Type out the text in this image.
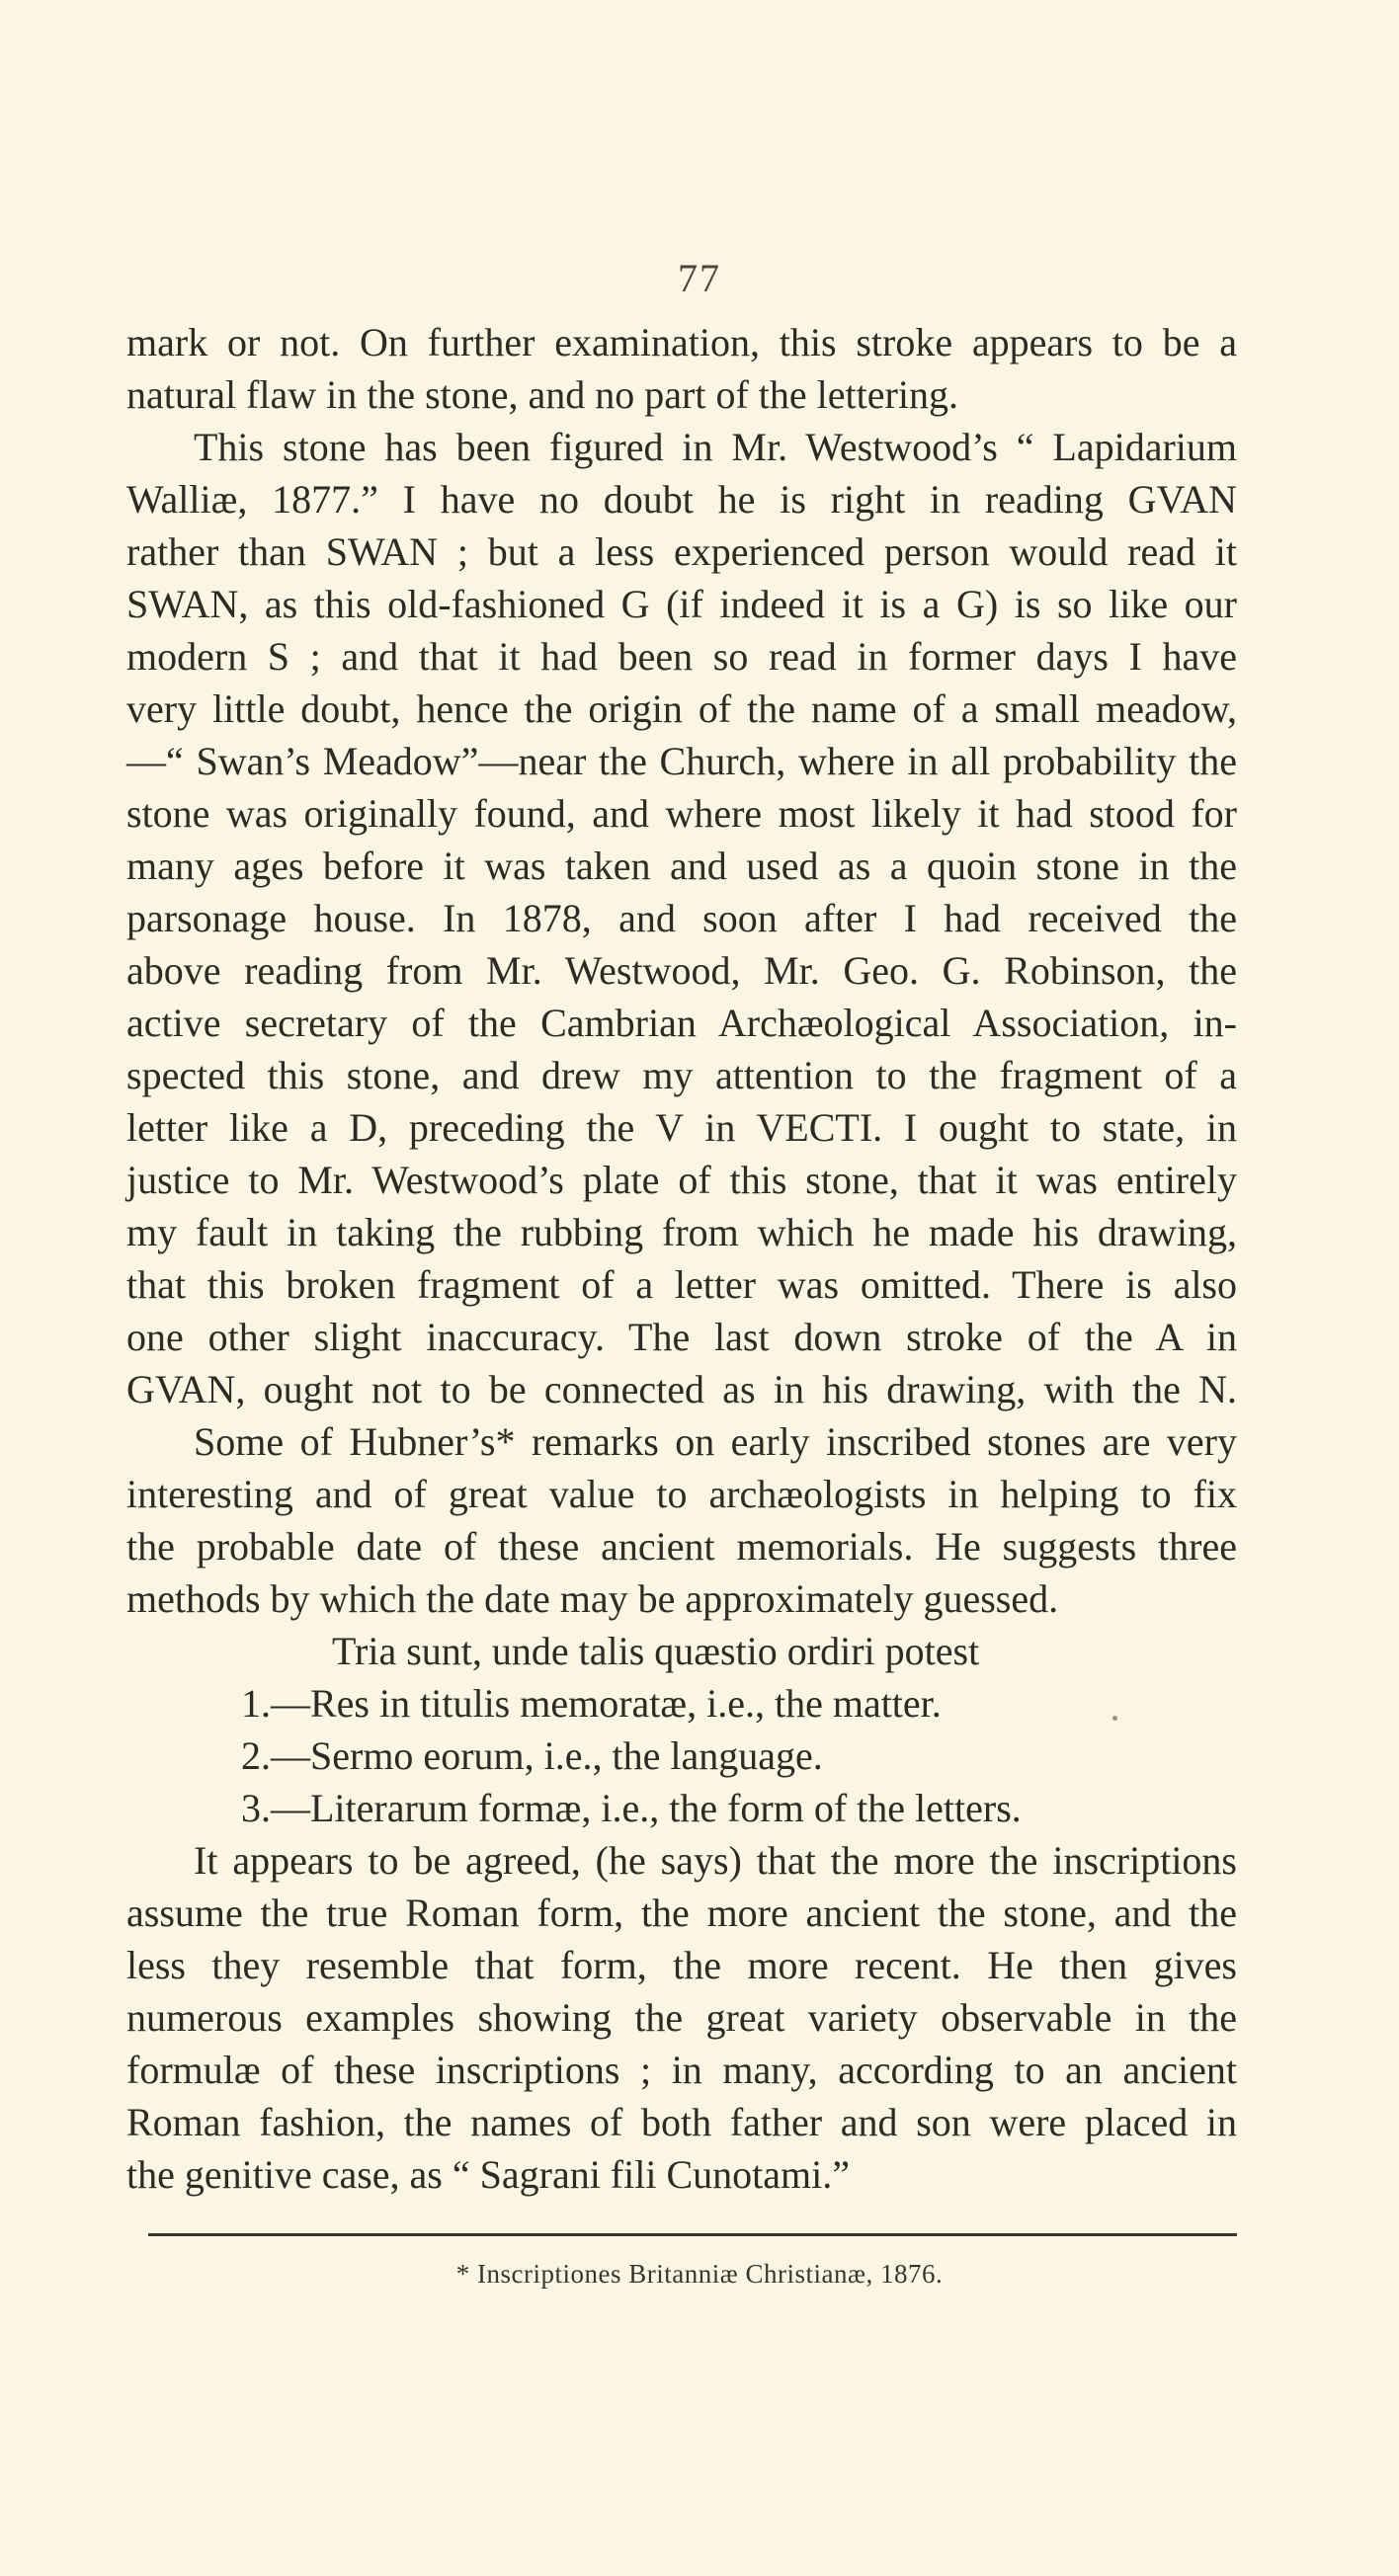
77
mark or not. On further examination, this stroke appears to be a
natural flaw in the stone, and no part of the lettering.
This stone has been figured in Mr. Westwood’s “ Lapidarium
Walliæ, 1877.” I have no doubt he is right in reading GVAN
rather than SWAN ; but a less experienced person would read it
SWAN, as this old-fashioned G (if indeed it is a G) is so like our
modern S ; and that it had been so read in former days I have
very little doubt, hence the origin of the name of a small meadow,
—“ Swan’s Meadow”—near the Church, where in all probability the
stone was originally found, and where most likely it had stood for
many ages before it was taken and used as a quoin stone in the
parsonage house. In 1878, and soon after I had received the
above reading from Mr. Westwood, Mr. Geo. G. Robinson, the
active secretary of the Cambrian Archæological Association, in-
spected this stone, and drew my attention to the fragment of a
letter like a D, preceding the V in VECTI. I ought to state, in
justice to Mr. Westwood’s plate of this stone, that it was entirely
my fault in taking the rubbing from which he made his drawing,
that this broken fragment of a letter was omitted. There is also
one other slight inaccuracy. The last down stroke of the A in
GVAN, ought not to be connected as in his drawing, with the N.
Some of Hubner’s* remarks on early inscribed stones are very
interesting and of great value to archæologists in helping to fix
the probable date of these ancient memorials. He suggests three
methods by which the date may be approximately guessed.
Tria sunt, unde talis quæstio ordiri potest
1.—Res in titulis memoratæ, i.e., the matter.
2.—Sermo eorum, i.e., the language.
3.—Literarum formæ, i.e., the form of the letters.
It appears to be agreed, (he says) that the more the inscriptions
assume the true Roman form, the more ancient the stone, and the
less they resemble that form, the more recent. He then gives
numerous examples showing the great variety observable in the
formulæ of these inscriptions ; in many, according to an ancient
Roman fashion, the names of both father and son were placed in
the genitive case, as “ Sagrani fili Cunotami.”
* Inscriptiones Britanniæ Christianæ, 1876.
